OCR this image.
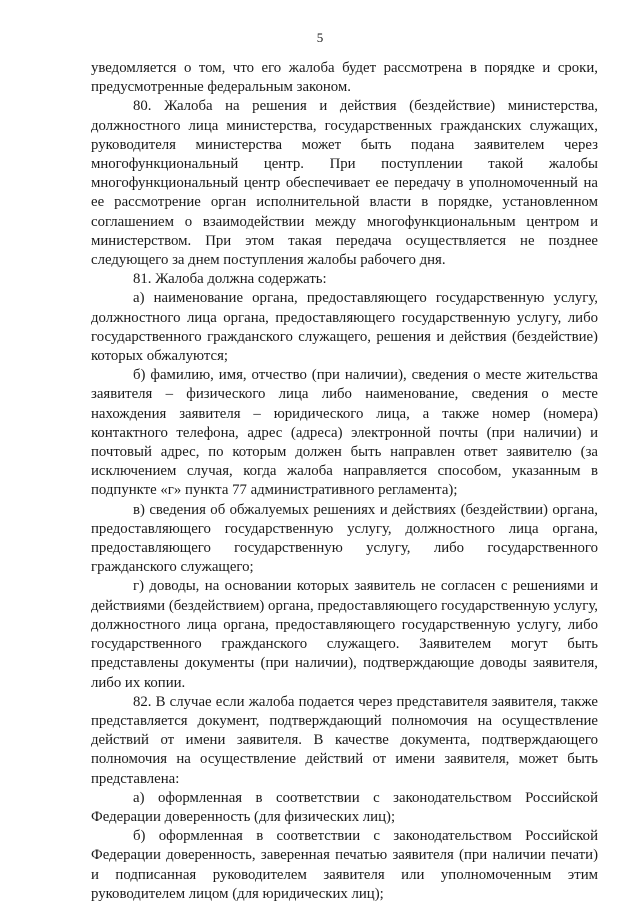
5

уведомляется о том, что его жалоба будет рассмотрена в порядке и сроки, предусмотренные федеральным законом.

80. Жалоба на решения и действия (бездействие) министерства, должностного лица министерства, государственных гражданских служащих, руководителя министерства может быть подана заявителем через многофункциональный центр. При поступлении такой жалобы многофункциональный центр обеспечивает ее передачу в уполномоченный на ее рассмотрение орган исполнительной власти в порядке, установленном соглашением о взаимодействии между многофункциональным центром и министерством. При этом такая передача осуществляется не позднее следующего за днем поступления жалобы рабочего дня.

81. Жалоба должна содержать:

а) наименование органа, предоставляющего государственную услугу, должностного лица органа, предоставляющего государственную услугу, либо государственного гражданского служащего, решения и действия (бездействие) которых обжалуются;

б) фамилию, имя, отчество (при наличии), сведения о месте жительства заявителя – физического лица либо наименование, сведения о месте нахождения заявителя – юридического лица, а также номер (номера) контактного телефона, адрес (адреса) электронной почты (при наличии) и почтовый адрес, по которым должен быть направлен ответ заявителю (за исключением случая, когда жалоба направляется способом, указанным в подпункте «г» пункта 77 административного регламента);

в) сведения об обжалуемых решениях и действиях (бездействии) органа, предоставляющего государственную услугу, должностного лица органа, предоставляющего государственную услугу, либо государственного гражданского служащего;

г) доводы, на основании которых заявитель не согласен с решениями и действиями (бездействием) органа, предоставляющего государственную услугу, должностного лица органа, предоставляющего государственную услугу, либо государственного гражданского служащего. Заявителем могут быть представлены документы (при наличии), подтверждающие доводы заявителя, либо их копии.

82. В случае если жалоба подается через представителя заявителя, также представляется документ, подтверждающий полномочия на осуществление действий от имени заявителя. В качестве документа, подтверждающего полномочия на осуществление действий от имени заявителя, может быть представлена:

а) оформленная в соответствии с законодательством Российской Федерации доверенность (для физических лиц);

б) оформленная в соответствии с законодательством Российской Федерации доверенность, заверенная печатью заявителя (при наличии печати) и подписанная руководителем заявителя или уполномоченным этим руководителем лицом (для юридических лиц);
